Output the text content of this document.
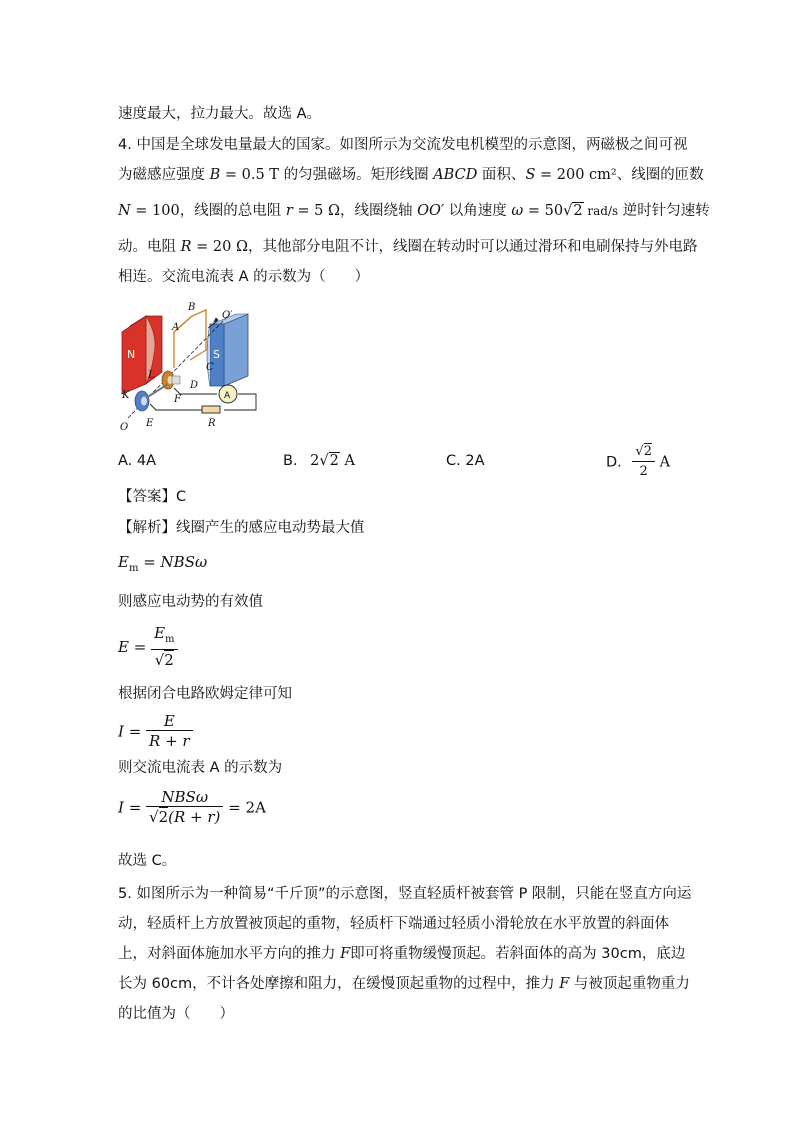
速度最大，拉力最大。故选 A。
4. 中国是全球发电量最大的国家。如图所示为交流发电机模型的示意图，两磁极之间可视
为磁感应强度 B = 0.5 T 的匀强磁场。矩形线圈 ABCD 面积、S = 200 cm²、线圈的匝数
N = 100，线圈的总电阻 r = 5 Ω，线圈绕轴 OO′ 以角速度 ω = 50√2 rad/s 逆时针匀速转
动。电阻 R = 20 Ω，其他部分电阻不计，线圈在转动时可以通过滑环和电刷保持与外电路
相连。交流电流表 A 的示数为（　　）
B
A
O′
C
D
L
F
K
E
O	R
N	S
A
A. 4A	B. 2√2 A	C. 2A	D. $\frac{√2}{2}$ A
【答案】C
【解析】线圈产生的感应电动势最大值
$E_m = NBS\omega$
则感应电动势的有效值
$E = \frac{E_m}{√2}$
根据闭合电路欧姆定律可知
$I = \frac{E}{R + r}$
则交流电流表 A 的示数为
$I = \frac{\text{NBSω}}{√2(R + r)} = 2A$
故选 C。
5. 如图所示为一种简易“千斤顶”的示意图，竖直轻质杆被套管 P 限制，只能在竖直方向运
动，轻质杆上方放置被顶起的重物，轻质杆下端通过轻质小滑轮放在水平放置的斜面体
上，对斜面体施加水平方向的推力 F即可将重物缓慢顶起。若斜面体的高为 30cm，底边
长为 60cm，不计各处摩擦和阻力，在缓慢顶起重物的过程中，推力 F 与被顶起重物重力
的比值为（　　）
